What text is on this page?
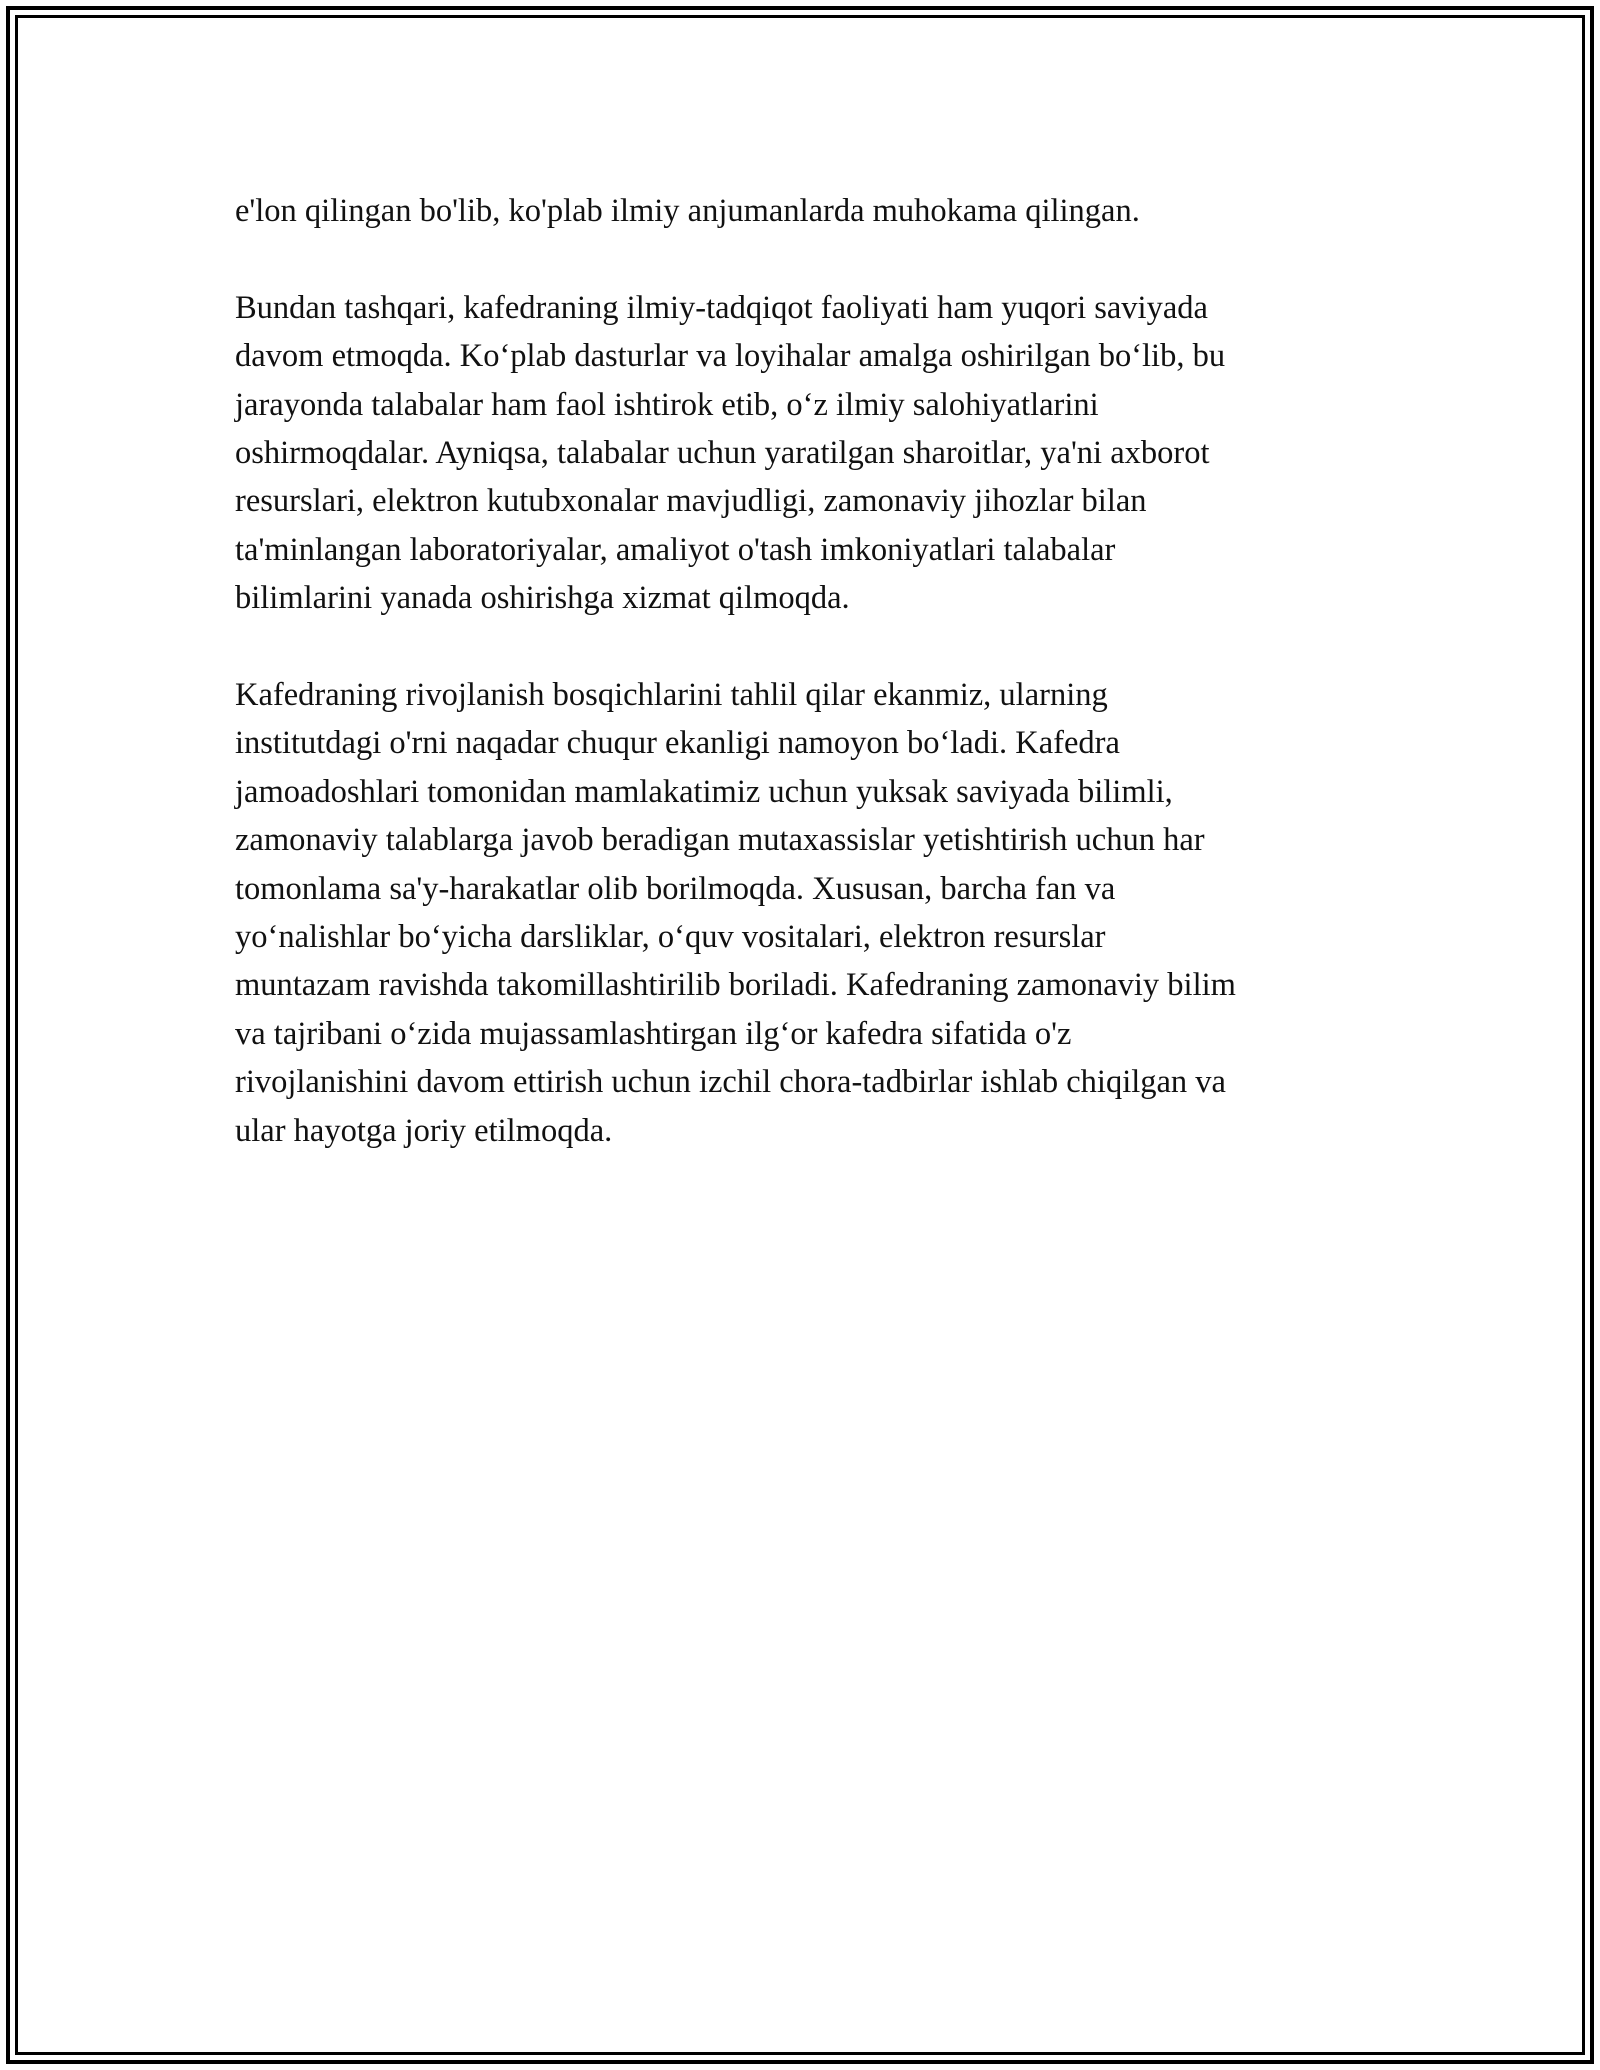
e'lon qilingan bo'lib, ko'plab ilmiy anjumanlarda muhokama qilingan.

Bundan tashqari, kafedraning ilmiy-tadqiqot faoliyati ham yuqori saviyada
davom etmoqda. Ko‘plab dasturlar va loyihalar amalga oshirilgan bo‘lib, bu
jarayonda talabalar ham faol ishtirok etib, o‘z ilmiy salohiyatlarini
oshirmoqdalar. Ayniqsa, talabalar uchun yaratilgan sharoitlar, ya'ni axborot
resurslari, elektron kutubxonalar mavjudligi, zamonaviy jihozlar bilan
ta'minlangan laboratoriyalar, amaliyot o'tash imkoniyatlari talabalar
bilimlarini yanada oshirishga xizmat qilmoqda.

Kafedraning rivojlanish bosqichlarini tahlil qilar ekanmiz, ularning
institutdagi o'rni naqadar chuqur ekanligi namoyon bo‘ladi. Kafedra
jamoadoshlari tomonidan mamlakatimiz uchun yuksak saviyada bilimli,
zamonaviy talablarga javob beradigan mutaxassislar yetishtirish uchun har
tomonlama sa'y-harakatlar olib borilmoqda. Xususan, barcha fan va
yo‘nalishlar bo‘yicha darsliklar, o‘quv vositalari, elektron resurslar
muntazam ravishda takomillashtirilib boriladi. Kafedraning zamonaviy bilim
va tajribani o‘zida mujassamlashtirgan ilg‘or kafedra sifatida o'z
rivojlanishini davom ettirish uchun izchil chora-tadbirlar ishlab chiqilgan va
ular hayotga joriy etilmoqda.
